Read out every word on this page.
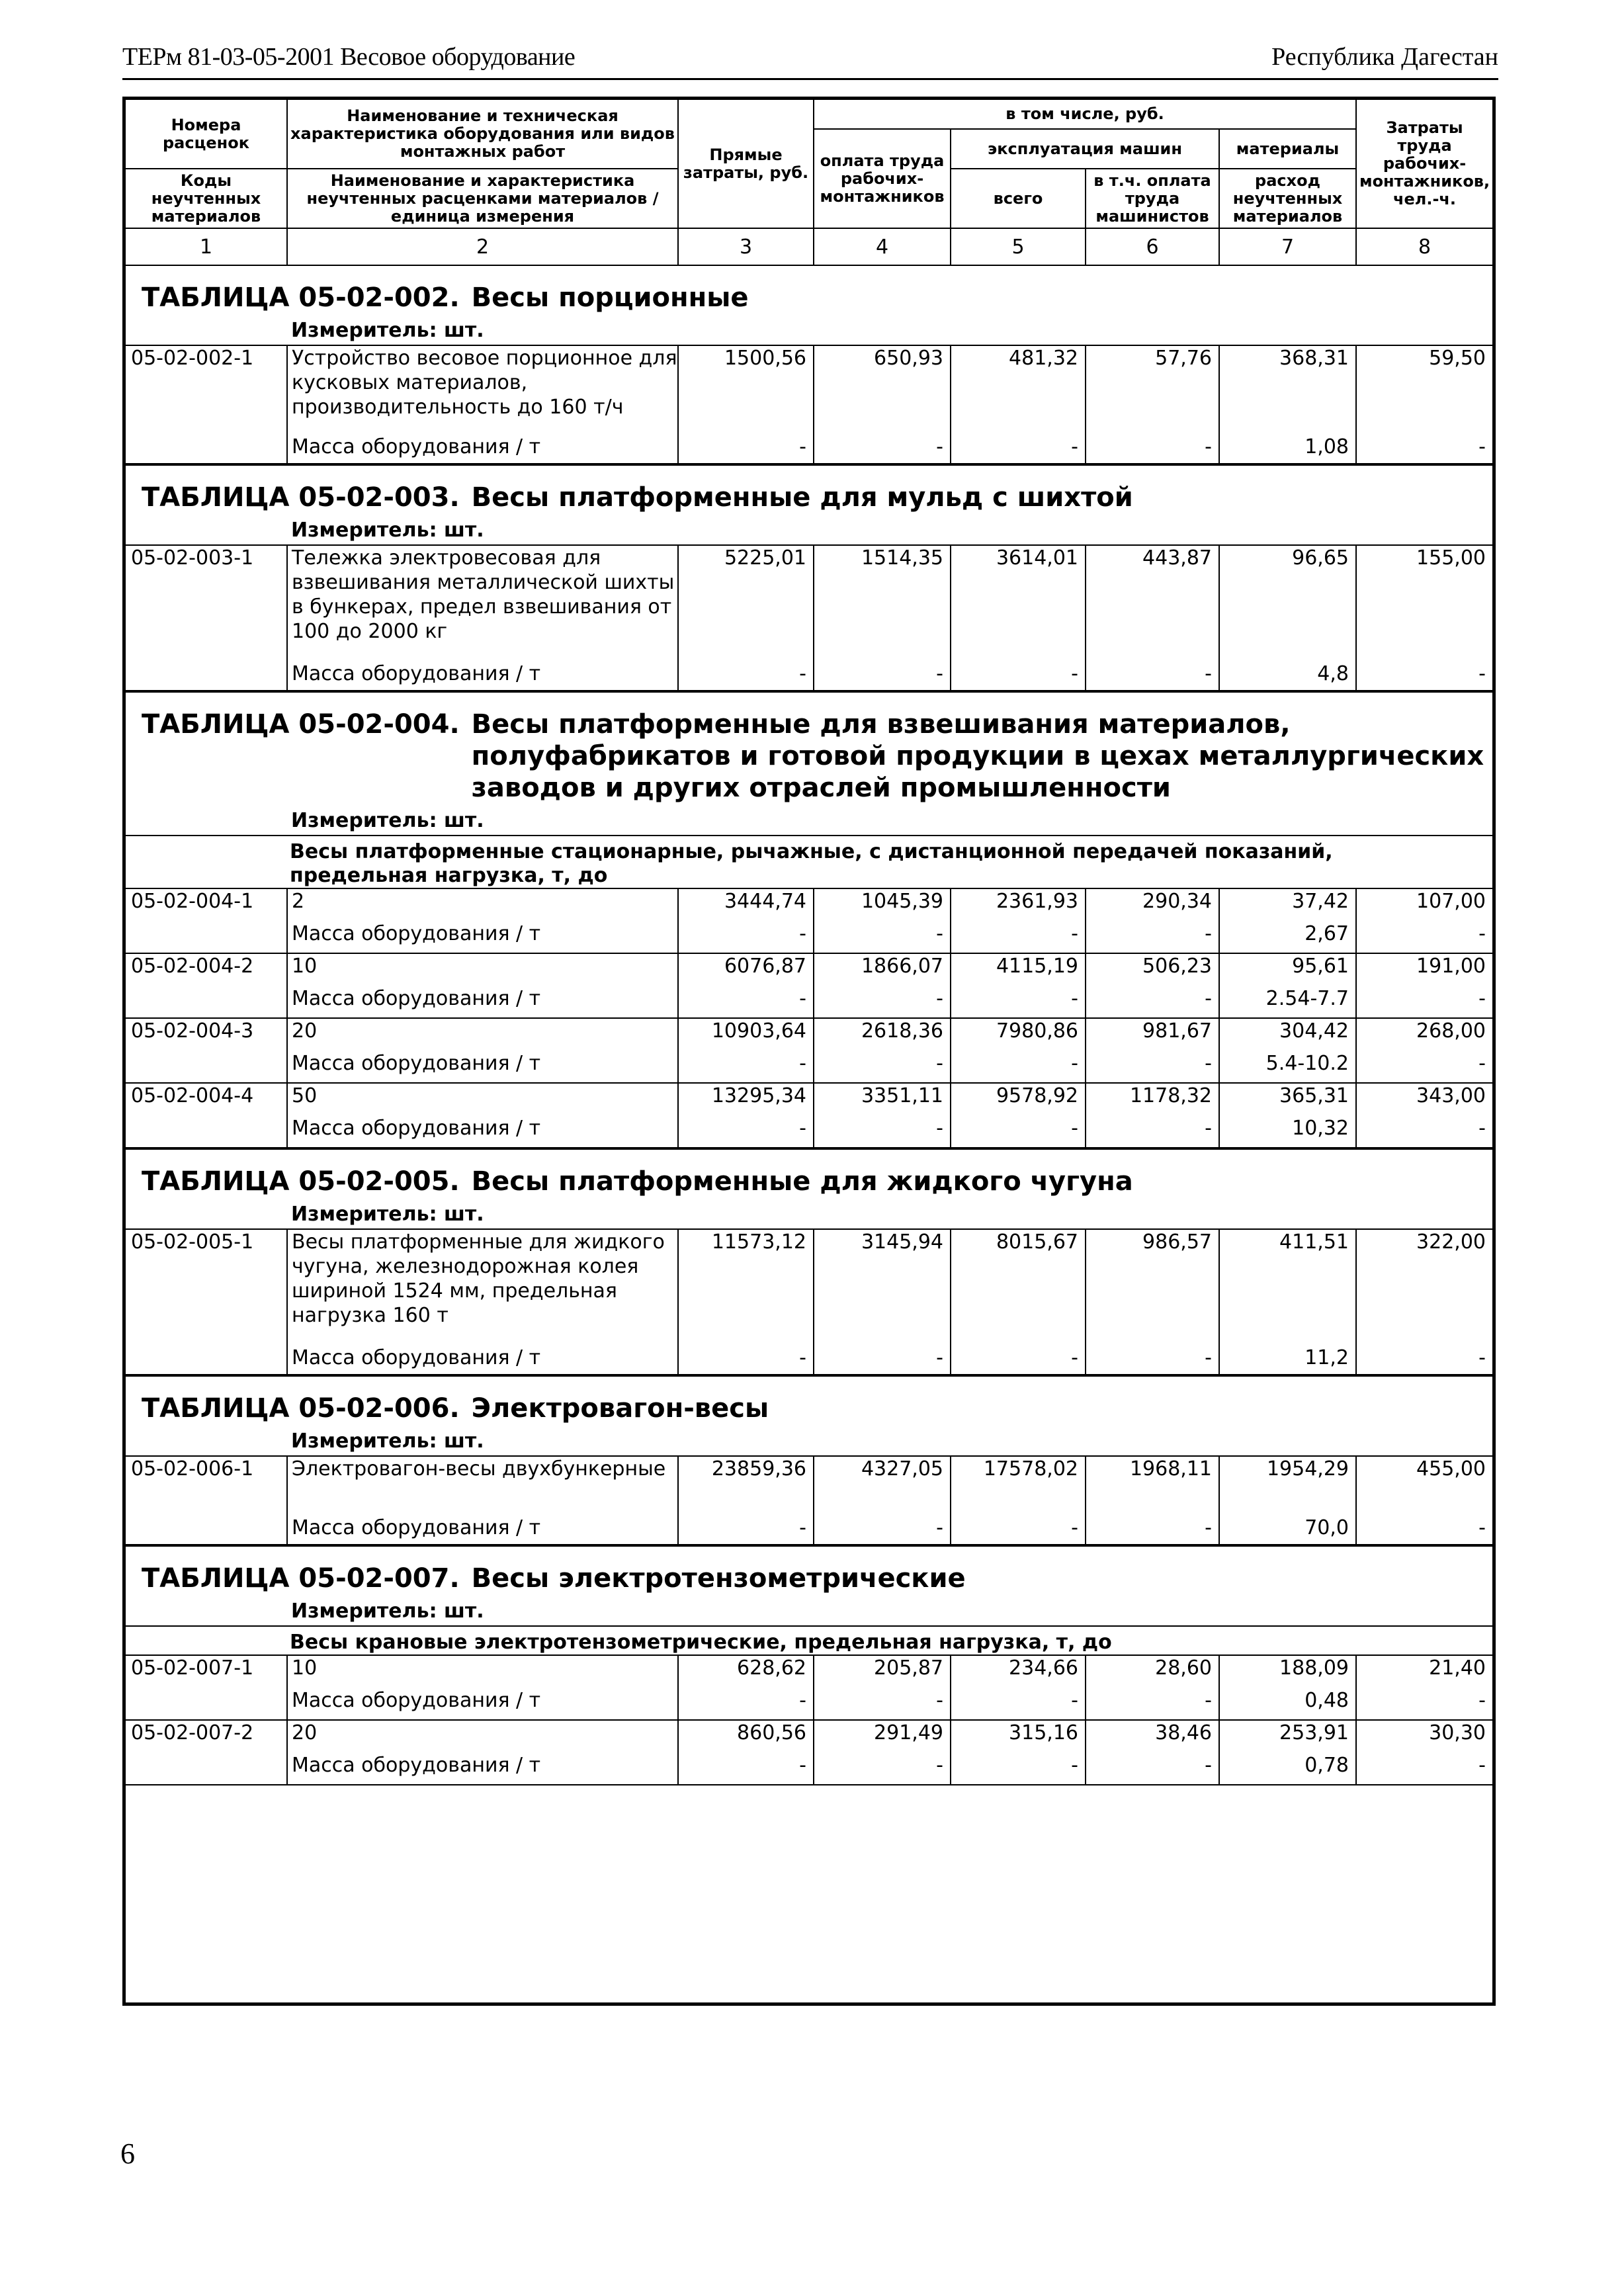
ТЕРм 81-03-05-2001 Весовое оборудование	Республика Дагестан
Номера расценок	Наименование и техническая характеристика оборудования или видов монтажных работ	Прямые затраты, руб.	в том числе, руб.				Затраты труда рабочих-монтажников, чел.-ч.
			оплата труда рабочих-монтажников	эксплуатация машин		материалы	
Коды неучтенных материалов	Наименование и характеристика неучтенных расценками материалов / единица измерения			всего	в т.ч. оплата труда машинистов	расход неучтенных материалов	

1	2	3	4	5	6	7	8
ТАБЛИЦА 05-02-002. Весы порционные
Измеритель: шт.
05-02-002-1	Устройство весовое порционное для кусковых материалов, производительность до 160 т/ч	1500,56	650,93	481,32	57,76	368,31	59,50
	Масса оборудования / т	-	-	-	-	1,08	-
ТАБЛИЦА 05-02-003. Весы платформенные для мульд с шихтой
Измеритель: шт.
05-02-003-1	Тележка электровесовая для взвешивания металлической шихты в бункерах, предел взвешивания от 100 до 2000 кг	5225,01	1514,35	3614,01	443,87	96,65	155,00
	Масса оборудования / т	-	-	-	-	4,8	-
ТАБЛИЦА 05-02-004. Весы платформенные для взвешивания материалов, полуфабрикатов и готовой продукции в цехах металлургических заводов и других отраслей промышленности
Измеритель: шт.
Весы платформенные стационарные, рычажные, с дистанционной передачей показаний, предельная нагрузка, т, до
05-02-004-1	2	3444,74	1045,39	2361,93	290,34	37,42	107,00
	Масса оборудования / т	-	-	-	-	2,67	-
05-02-004-2	10	6076,87	1866,07	4115,19	506,23	95,61	191,00
	Масса оборудования / т	-	-	-	-	2.54-7.7	-
05-02-004-3	20	10903,64	2618,36	7980,86	981,67	304,42	268,00
	Масса оборудования / т	-	-	-	-	5.4-10.2	-
05-02-004-4	50	13295,34	3351,11	9578,92	1178,32	365,31	343,00
	Масса оборудования / т	-	-	-	-	10,32	-
ТАБЛИЦА 05-02-005. Весы платформенные для жидкого чугуна
Измеритель: шт.
05-02-005-1	Весы платформенные для жидкого чугуна, железнодорожная колея шириной 1524 мм, предельная нагрузка 160 т	11573,12	3145,94	8015,67	986,57	411,51	322,00
	Масса оборудования / т	-	-	-	-	11,2	-
ТАБЛИЦА 05-02-006. Электровагон-весы
Измеритель: шт.
05-02-006-1	Электровагон-весы двухбункерные	23859,36	4327,05	17578,02	1968,11	1954,29	455,00
	Масса оборудования / т	-	-	-	-	70,0	-
ТАБЛИЦА 05-02-007. Весы электротензометрические
Измеритель: шт.
Весы крановые электротензометрические, предельная нагрузка, т, до
05-02-007-1	10	628,62	205,87	234,66	28,60	188,09	21,40
	Масса оборудования / т	-	-	-	-	0,48	-
05-02-007-2	20	860,56	291,49	315,16	38,46	253,91	30,30
	Масса оборудования / т	-	-	-	-	0,78	-
6
